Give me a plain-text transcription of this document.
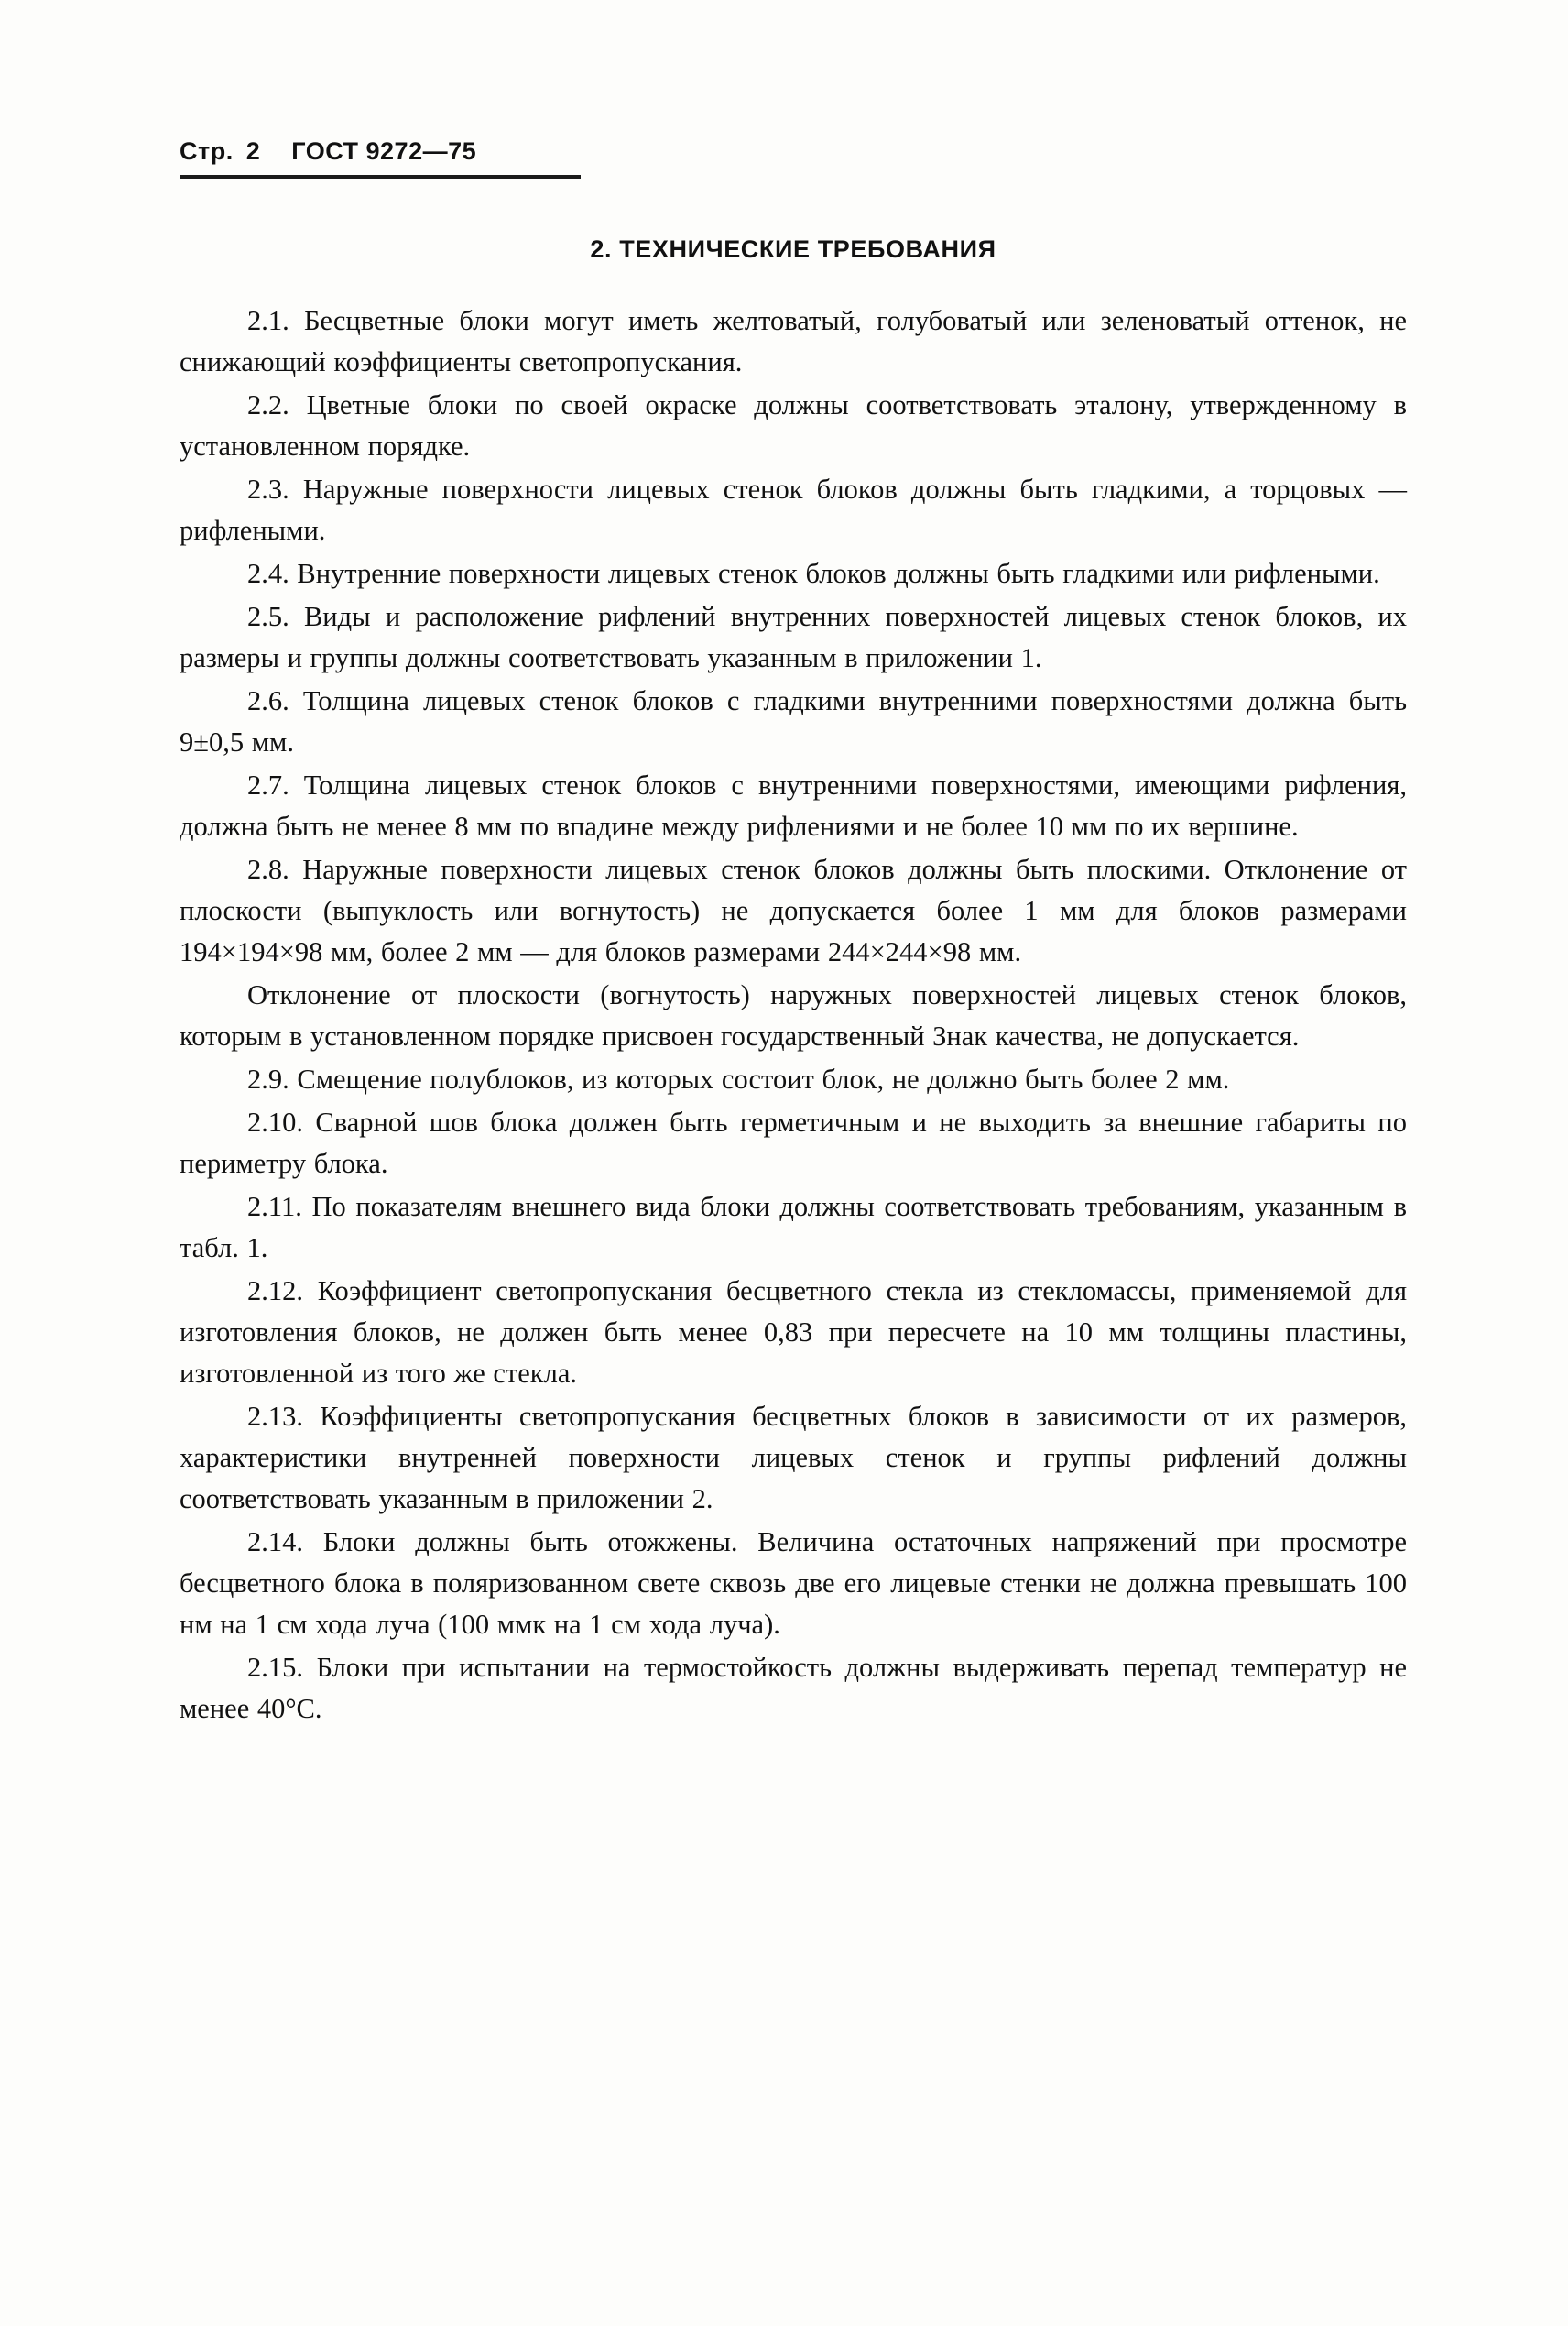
Стр. 2 ГОСТ 9272—75
2. ТЕХНИЧЕСКИЕ ТРЕБОВАНИЯ

2.1. Бесцветные блоки могут иметь желтоватый, голубоватый или зеленоватый оттенок, не снижающий коэффициенты светопропускания.

2.2. Цветные блоки по своей окраске должны соответствовать эталону, утвержденному в установленном порядке.

2.3. Наружные поверхности лицевых стенок блоков должны быть гладкими, а торцовых — рифлеными.

2.4. Внутренние поверхности лицевых стенок блоков должны быть гладкими или рифлеными.

2.5. Виды и расположение рифлений внутренних поверхностей лицевых стенок блоков, их размеры и группы должны соответствовать указанным в приложении 1.

2.6. Толщина лицевых стенок блоков с гладкими внутренними поверхностями должна быть 9±0,5 мм.

2.7. Толщина лицевых стенок блоков с внутренними поверхностями, имеющими рифления, должна быть не менее 8 мм по впадине между рифлениями и не более 10 мм по их вершине.

2.8. Наружные поверхности лицевых стенок блоков должны быть плоскими. Отклонение от плоскости (выпуклость или вогнутость) не допускается более 1 мм для блоков размерами 194×194×98 мм, более 2 мм — для блоков размерами 244×244×98 мм.

Отклонение от плоскости (вогнутость) наружных поверхностей лицевых стенок блоков, которым в установленном порядке присвоен государственный Знак качества, не допускается.

2.9. Смещение полублоков, из которых состоит блок, не должно быть более 2 мм.

2.10. Сварной шов блока должен быть герметичным и не выходить за внешние габариты по периметру блока.

2.11. По показателям внешнего вида блоки должны соответствовать требованиям, указанным в табл. 1.

2.12. Коэффициент светопропускания бесцветного стекла из стекломассы, применяемой для изготовления блоков, не должен быть менее 0,83 при пересчете на 10 мм толщины пластины, изготовленной из того же стекла.

2.13. Коэффициенты светопропускания бесцветных блоков в зависимости от их размеров, характеристики внутренней поверхности лицевых стенок и группы рифлений должны соответствовать указанным в приложении 2.

2.14. Блоки должны быть отожжены. Величина остаточных напряжений при просмотре бесцветного блока в поляризованном свете сквозь две его лицевые стенки не должна превышать 100 нм на 1 см хода луча (100 ммк на 1 см хода луча).

2.15. Блоки при испытании на термостойкость должны выдерживать перепад температур не менее 40°С.
